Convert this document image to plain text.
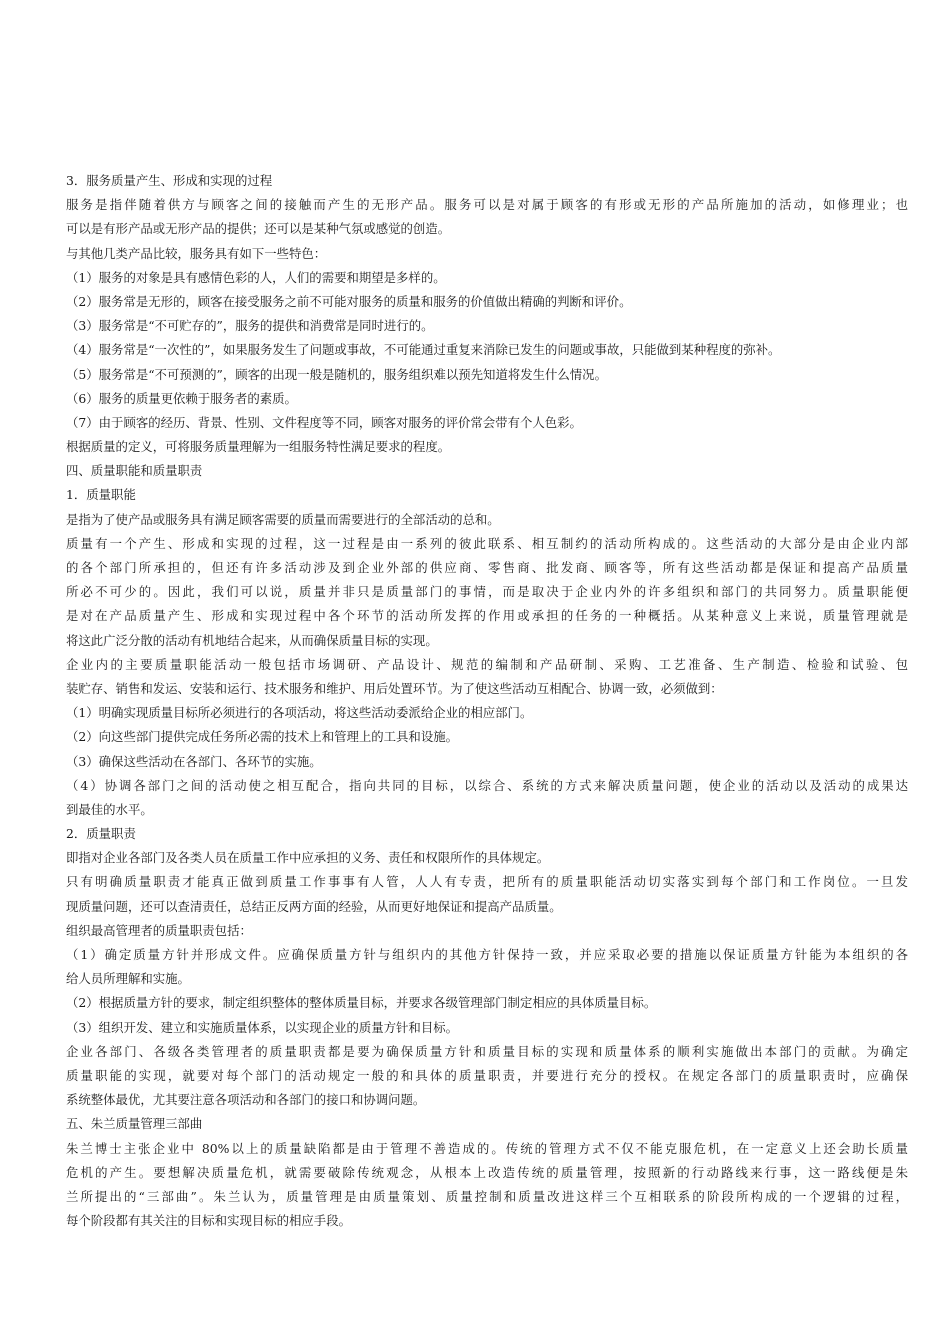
3．服务质量产生、形成和实现的过程
服务是指伴随着供方与顾客之间的接触而产生的无形产品。服务可以是对属于顾客的有形或无形的产品所施加的活动，如修理业；也
可以是有形产品或无形产品的提供；还可以是某种气氛或感觉的创造。
与其他几类产品比较，服务具有如下一些特色：
（1）服务的对象是具有感情色彩的人，人们的需要和期望是多样的。
（2）服务常是无形的，顾客在接受服务之前不可能对服务的质量和服务的价值做出精确的判断和评价。
（3）服务常是“不可贮存的”，服务的提供和消费常是同时进行的。
（4）服务常是“一次性的”，如果服务发生了问题或事故，不可能通过重复来消除已发生的问题或事故，只能做到某种程度的弥补。
（5）服务常是“不可预测的”，顾客的出现一般是随机的，服务组织难以预先知道将发生什么情况。
（6）服务的质量更依赖于服务者的素质。
（7）由于顾客的经历、背景、性别、文件程度等不同，顾客对服务的评价常会带有个人色彩。
根据质量的定义，可将服务质量理解为一组服务特性满足要求的程度。
四、质量职能和质量职责
1．质量职能
是指为了使产品或服务具有满足顾客需要的质量而需要进行的全部活动的总和。
质量有一个产生、形成和实现的过程，这一过程是由一系列的彼此联系、相互制约的活动所构成的。这些活动的大部分是由企业内部
的各个部门所承担的，但还有许多活动涉及到企业外部的供应商、零售商、批发商、顾客等，所有这些活动都是保证和提高产品质量
所必不可少的。因此，我们可以说，质量并非只是质量部门的事情，而是取决于企业内外的许多组织和部门的共同努力。质量职能便
是对在产品质量产生、形成和实现过程中各个环节的活动所发挥的作用或承担的任务的一种概括。从某种意义上来说，质量管理就是
将这此广泛分散的活动有机地结合起来，从而确保质量目标的实现。
企业内的主要质量职能活动一般包括市场调研、产品设计、规范的编制和产品研制、采购、工艺准备、生产制造、检验和试验、包
装贮存、销售和发运、安装和运行、技术服务和维护、用后处置环节。为了使这些活动互相配合、协调一致，必须做到：
（1）明确实现质量目标所必须进行的各项活动，将这些活动委派给企业的相应部门。
（2）向这些部门提供完成任务所必需的技术上和管理上的工具和设施。
（3）确保这些活动在各部门、各环节的实施。
（4）协调各部门之间的活动使之相互配合，指向共同的目标，以综合、系统的方式来解决质量问题，使企业的活动以及活动的成果达
到最佳的水平。
2．质量职责
即指对企业各部门及各类人员在质量工作中应承担的义务、责任和权限所作的具体规定。
只有明确质量职责才能真正做到质量工作事事有人管，人人有专责，把所有的质量职能活动切实落实到每个部门和工作岗位。一旦发
现质量问题，还可以查清责任，总结正反两方面的经验，从而更好地保证和提高产品质量。
组织最高管理者的质量职责包括：
（1）确定质量方针并形成文件。应确保质量方针与组织内的其他方针保持一致，并应采取必要的措施以保证质量方针能为本组织的各
给人员所理解和实施。
（2）根据质量方针的要求，制定组织整体的整体质量目标，并要求各级管理部门制定相应的具体质量目标。
（3）组织开发、建立和实施质量体系，以实现企业的质量方针和目标。
企业各部门、各级各类管理者的质量职责都是要为确保质量方针和质量目标的实现和质量体系的顺利实施做出本部门的贡献。为确定
质量职能的实现，就要对每个部门的活动规定一般的和具体的质量职责，并要进行充分的授权。在规定各部门的质量职责时，应确保
系统整体最优，尤其要注意各项活动和各部门的接口和协调问题。
五、朱兰质量管理三部曲
朱兰博士主张企业中 80%以上的质量缺陷都是由于管理不善造成的。传统的管理方式不仅不能克服危机，在一定意义上还会助长质量
危机的产生。要想解决质量危机，就需要破除传统观念，从根本上改造传统的质量管理，按照新的行动路线来行事，这一路线便是朱
兰所提出的“三部曲”。朱兰认为，质量管理是由质量策划、质量控制和质量改进这样三个互相联系的阶段所构成的一个逻辑的过程，
每个阶段都有其关注的目标和实现目标的相应手段。
